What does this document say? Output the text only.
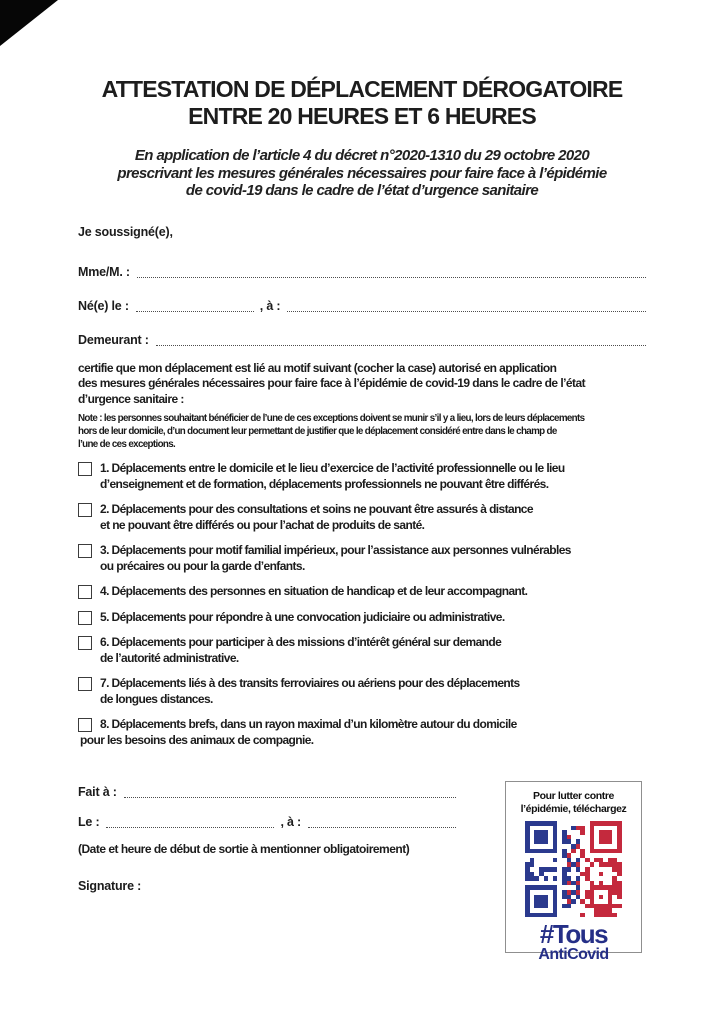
ATTESTATION DE DÉPLACEMENT DÉROGATOIRE
ENTRE 20 HEURES ET 6 HEURES
En application de l’article 4 du décret n°2020-1310 du 29 octobre 2020
prescrivant les mesures générales nécessaires pour faire face à l’épidémie
de covid-19 dans le cadre de l’état d’urgence sanitaire
Je soussigné(e),
Mme/M. :
Né(e) le :	, à :
Demeurant :
certifie que mon déplacement est lié au motif suivant (cocher la case) autorisé en application
des mesures générales nécessaires pour faire face à l’épidémie de covid-19 dans le cadre de l’état
d’urgence sanitaire :
Note : les personnes souhaitant bénéficier de l’une de ces exceptions doivent se munir s’il y a lieu, lors de leurs déplacements
hors de leur domicile, d’un document leur permettant de justifier que le déplacement considéré entre dans le champ de
l’une de ces exceptions.
1. Déplacements entre le domicile et le lieu d’exercice de l’activité professionnelle ou le lieu
d’enseignement et de formation, déplacements professionnels ne pouvant être différés.
2. Déplacements pour des consultations et soins ne pouvant être assurés à distance
et ne pouvant être différés ou pour l’achat de produits de santé.
3. Déplacements pour motif familial impérieux, pour l’assistance aux personnes vulnérables
ou précaires ou pour la garde d’enfants.
4. Déplacements des personnes en situation de handicap et de leur accompagnant.
5. Déplacements pour répondre à une convocation judiciaire ou administrative.
6. Déplacements pour participer à des missions d’intérêt général sur demande
de l’autorité administrative.
7. Déplacements liés à des transits ferroviaires ou aériens pour des déplacements
de longues distances.
8. Déplacements brefs, dans un rayon maximal d’un kilomètre autour du domicile
pour les besoins des animaux de compagnie.
Fait à :
Le :	, à :
(Date et heure de début de sortie à mentionner obligatoirement)
Signature :
Pour lutter contre
l’épidémie, téléchargez
#Tous
AntiCovid
